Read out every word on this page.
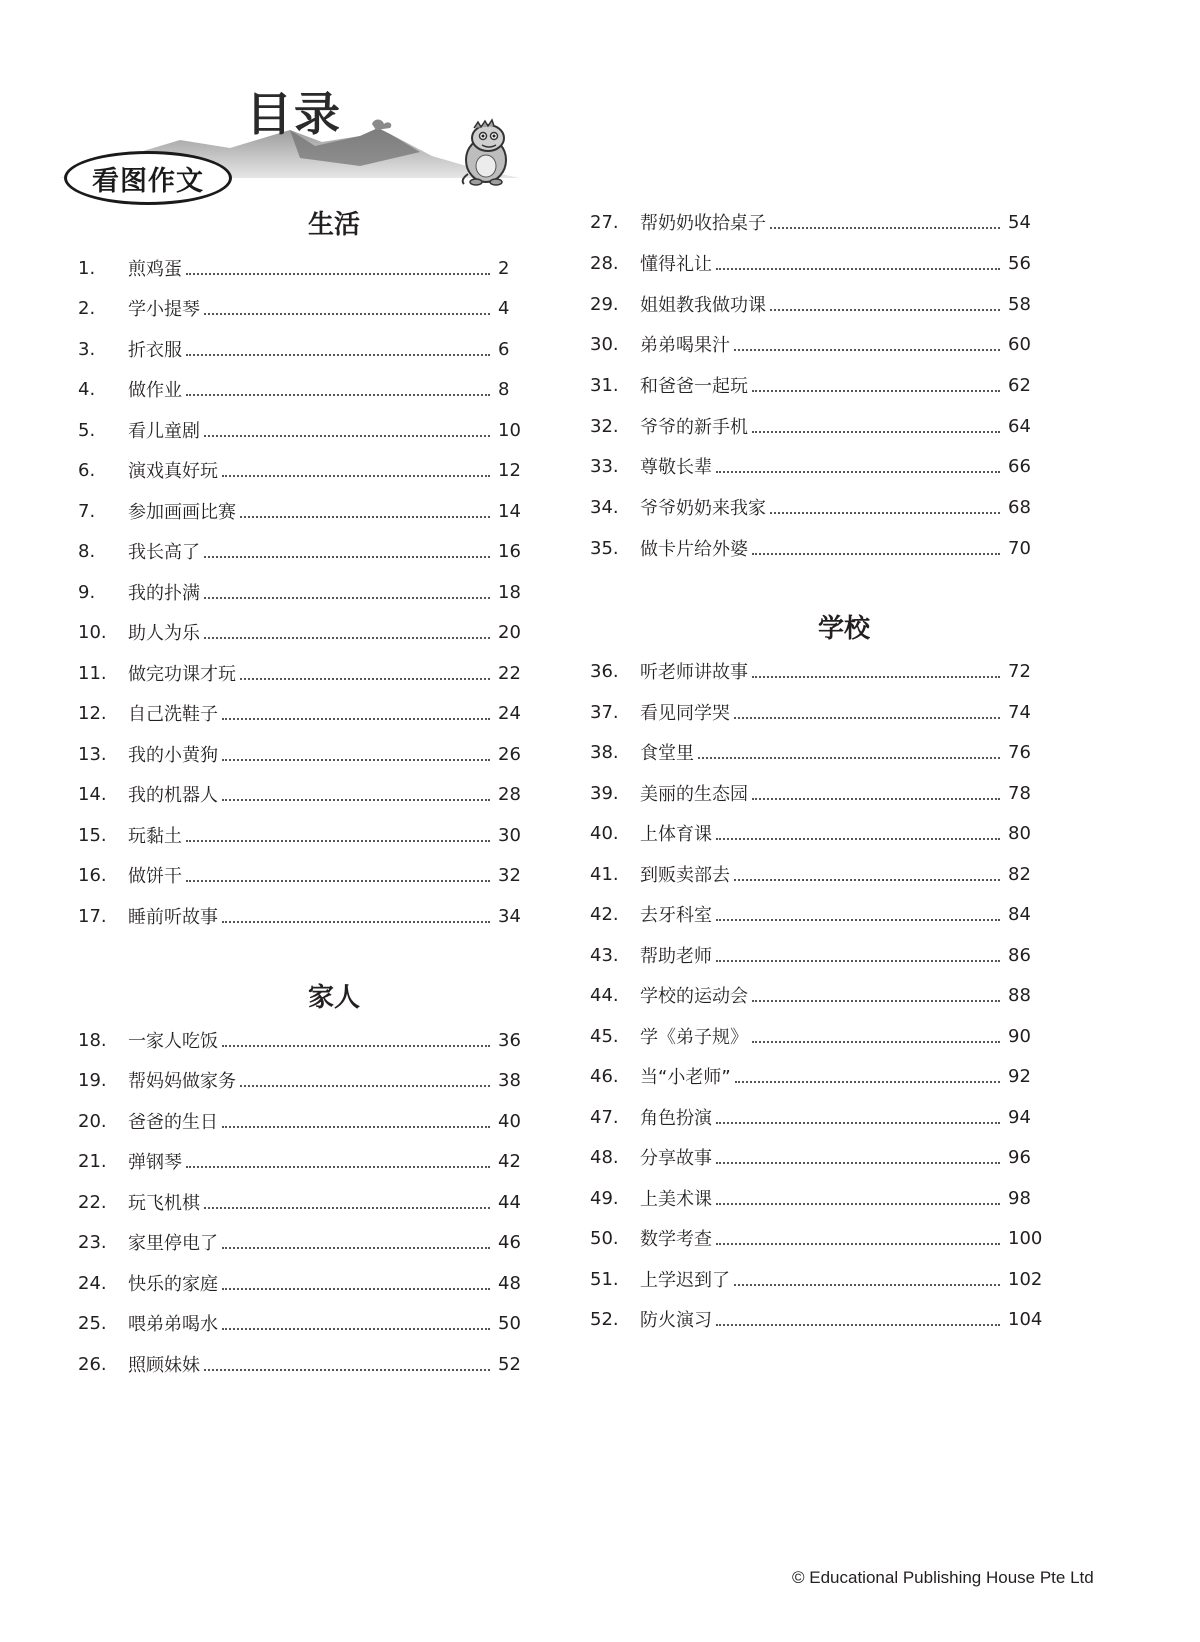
目录
看图作文
生活
1.	煎鸡蛋	2
2.	学小提琴	4
3.	折衣服	6
4.	做作业	8
5.	看儿童剧	10
6.	演戏真好玩	12
7.	参加画画比赛	14
8.	我长高了	16
9.	我的扑满	18
10.	助人为乐	20
11.	做完功课才玩	22
12.	自己洗鞋子	24
13.	我的小黄狗	26
14.	我的机器人	28
15.	玩黏土	30
16.	做饼干	32
17.	睡前听故事	34
家人
18.	一家人吃饭	36
19.	帮妈妈做家务	38
20.	爸爸的生日	40
21.	弹钢琴	42
22.	玩飞机棋	44
23.	家里停电了	46
24.	快乐的家庭	48
25.	喂弟弟喝水	50
26.	照顾妹妹	52
27.	帮奶奶收拾桌子	54
28.	懂得礼让	56
29.	姐姐教我做功课	58
30.	弟弟喝果汁	60
31.	和爸爸一起玩	62
32.	爷爷的新手机	64
33.	尊敬长辈	66
34.	爷爷奶奶来我家	68
35.	做卡片给外婆	70
学校
36.	听老师讲故事	72
37.	看见同学哭	74
38.	食堂里	76
39.	美丽的生态园	78
40.	上体育课	80
41.	到贩卖部去	82
42.	去牙科室	84
43.	帮助老师	86
44.	学校的运动会	88
45.	学《弟子规》	90
46.	当“小老师”	92
47.	角色扮演	94
48.	分享故事	96
49.	上美术课	98
50.	数学考查	100
51.	上学迟到了	102
52.	防火演习	104

© Educational Publishing House Pte Ltd
